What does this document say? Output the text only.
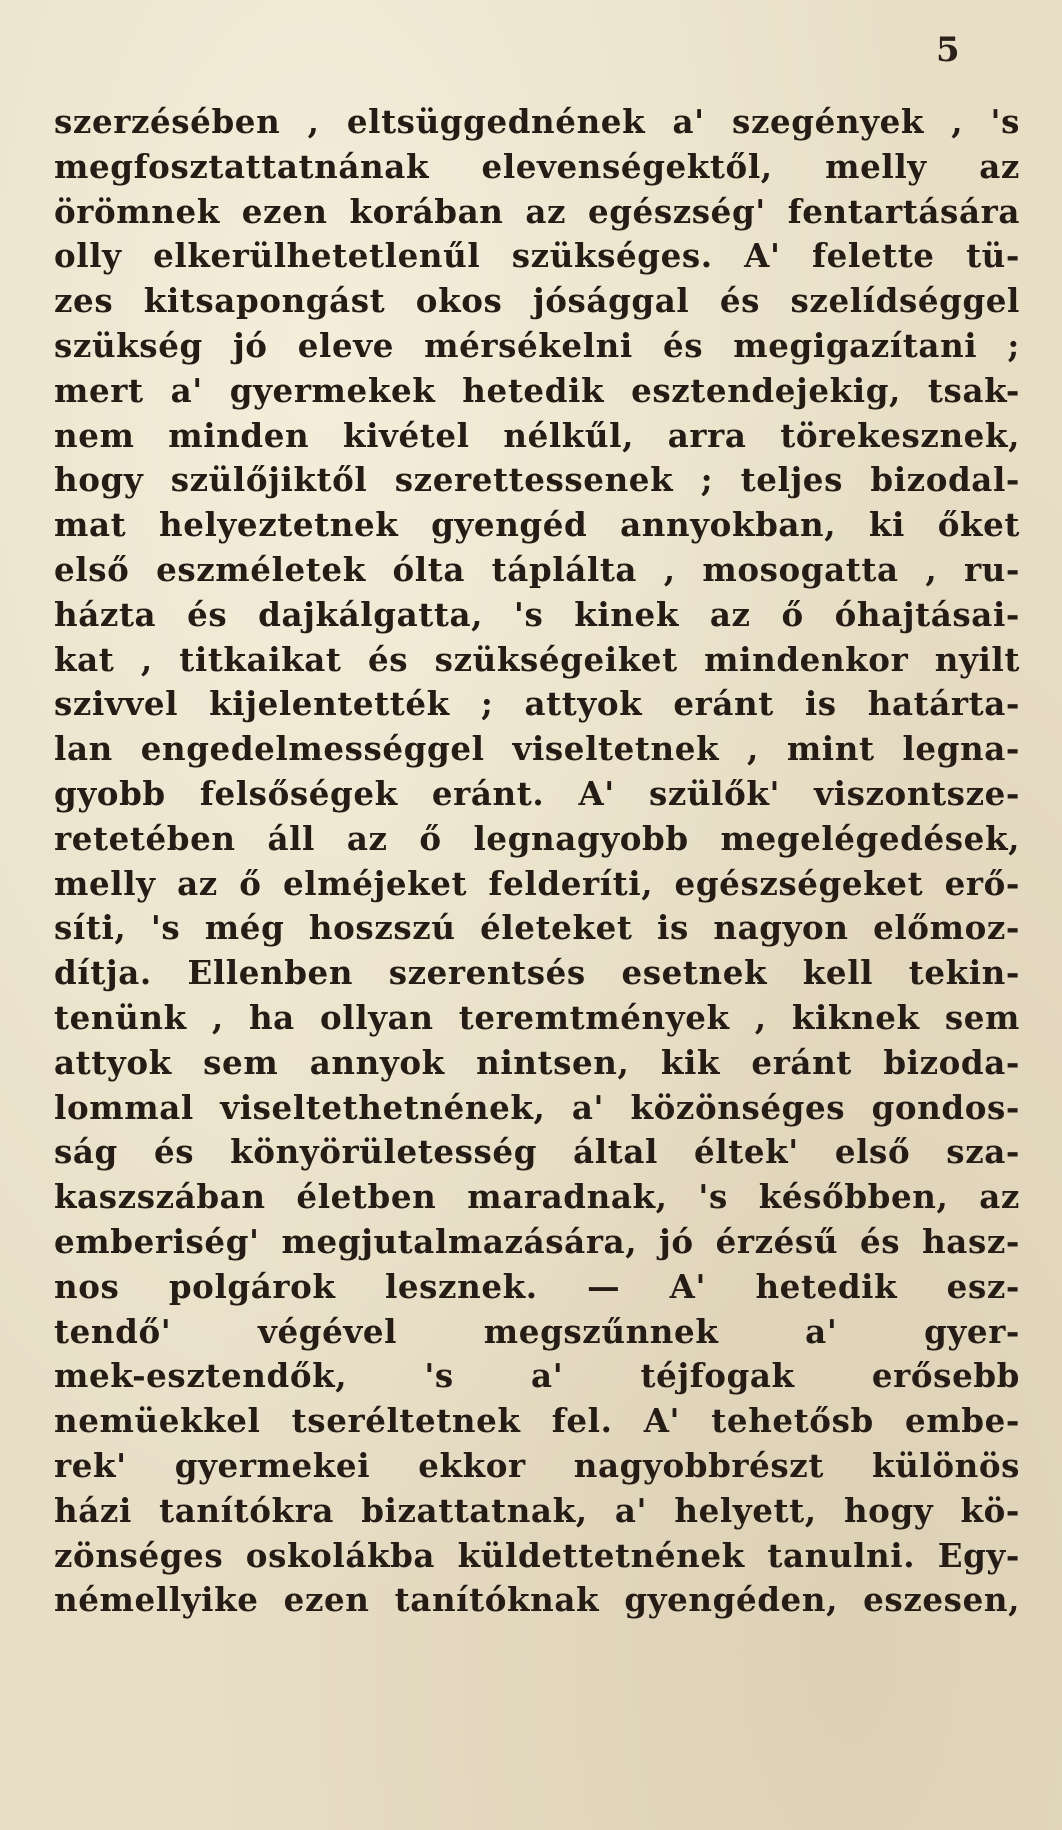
5
szerzésében , eltsüggednének a' szegények , 's
megfosztattatnának elevenségektől, melly az
örömnek ezen korában az egészség' fentartására
olly elkerülhetetlenűl szükséges. A' felette tü-
zes kitsapongást okos jósággal és szelídséggel
szükség jó eleve mérsékelni és megigazítani ;
mert a' gyermekek hetedik esztendejekig, tsak-
nem minden kivétel nélkűl, arra törekesznek,
hogy szülőjiktől szerettessenek ; teljes bizodal-
mat helyeztetnek gyengéd annyokban, ki őket
első eszméletek ólta táplálta , mosogatta , ru-
házta és dajkálgatta, 's kinek az ő óhajtásai-
kat , titkaikat és szükségeiket mindenkor nyilt
szivvel kijelentették ; attyok eránt is határta-
lan engedelmességgel viseltetnek , mint legna-
gyobb felsőségek eránt. A' szülők' viszontsze-
retetében áll az ő legnagyobb megelégedések,
melly az ő elméjeket felderíti, egészségeket erő-
síti, 's még hoszszú életeket is nagyon előmoz-
dítja. Ellenben szerentsés esetnek kell tekin-
tenünk , ha ollyan teremtmények , kiknek sem
attyok sem annyok nintsen, kik eránt bizoda-
lommal viseltethetnének, a' közönséges gondos-
ság és könyörületesség által éltek' első sza-
kaszszában életben maradnak, 's későbben, az
emberiség' megjutalmazására, jó érzésű és hasz-
nos polgárok lesznek. — A' hetedik esz-
tendő' végével megszűnnek a' gyer-
mek-esztendők, 's a' téjfogak erősebb
nemüekkel tseréltetnek fel. A' tehetősb embe-
rek' gyermekei ekkor nagyobbrészt különös
házi tanítókra bizattatnak, a' helyett, hogy kö-
zönséges oskolákba küldettetnének tanulni. Egy-
némellyike ezen tanítóknak gyengéden, eszesen,
